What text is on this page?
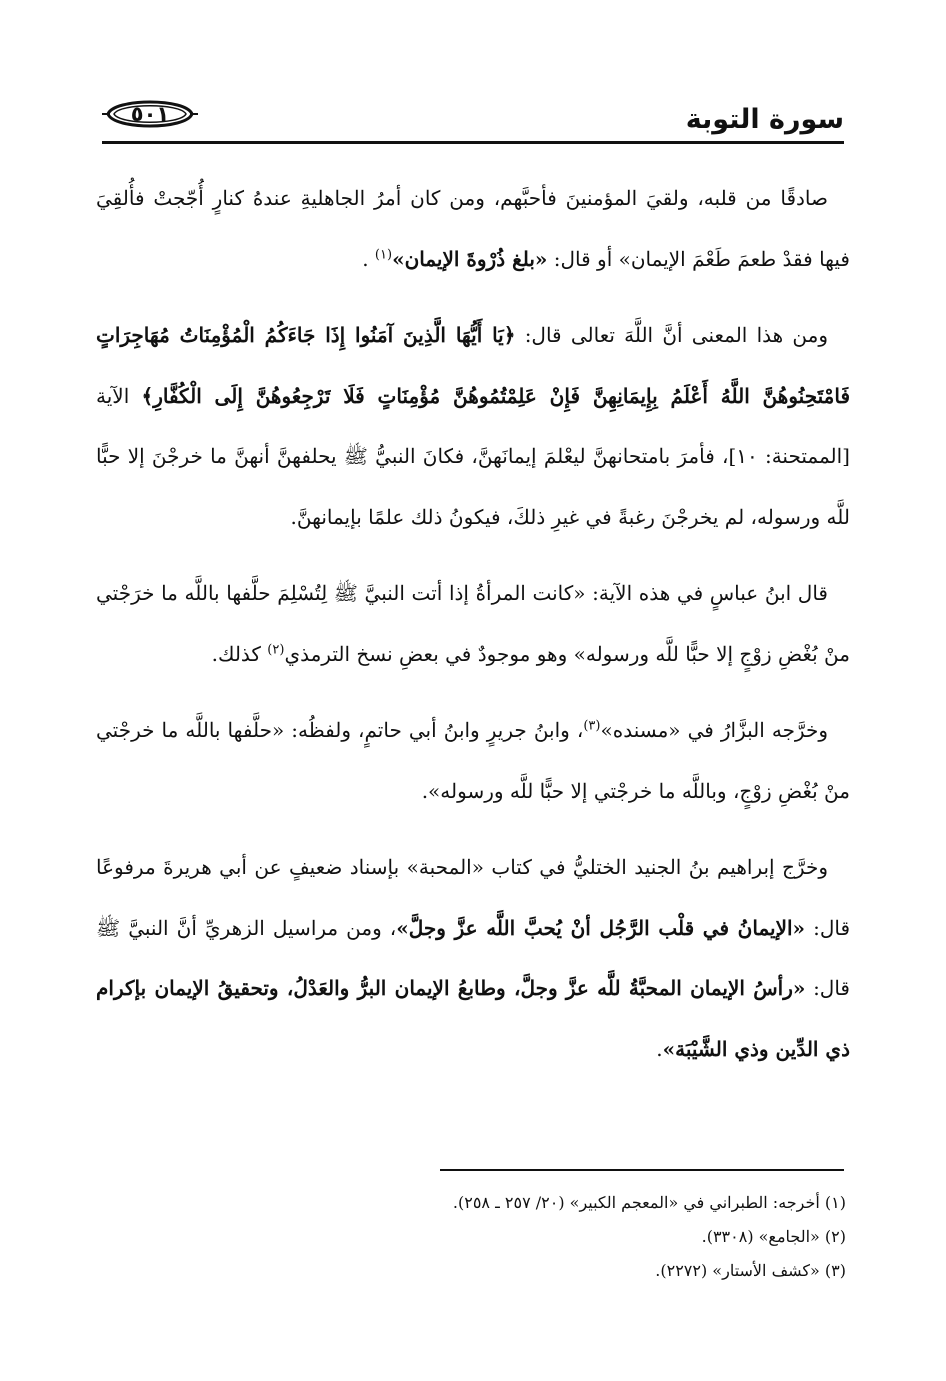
سورة التوبة
٥٠١

صادقًا من قلبه، ولقيَ المؤمنينَ فأحبَّهم، ومن كان أمرُ الجاهليةِ عندهُ كنارٍ أُجّجتْ فأُلقِيَ فيها فقدْ طعمَ طَعْمَ الإيمان» أو قال: «بلغ ذُرْوةَ الإيمان»$^{(١)}$ .

ومن هذا المعنى أنَّ اللَّهَ تعالى قال: ﴿يَا أَيُّهَا الَّذِينَ آمَنُوا إِذَا جَاءَكُمُ الْمُؤْمِنَاتُ مُهَاجِرَاتٍ فَامْتَحِنُوهُنَّ اللَّهُ أَعْلَمُ بِإِيمَانِهِنَّ فَإِنْ عَلِمْتُمُوهُنَّ مُؤْمِنَاتٍ فَلَا تَرْجِعُوهُنَّ إِلَى الْكُفَّارِ﴾ الآية [الممتحنة: ١٠]، فأمرَ بامتحانهنَّ ليعْلمَ إيمانَهنَّ، فكانَ النبيُّ ﷺ يحلفهنَّ أنهنَّ ما خرجْنَ إلا حبًّا للَّه ورسوله، لم يخرجْنَ رغبةً في غيرِ ذلكَ، فيكونُ ذلك علمًا بإيمانهنَّ.

قال ابنُ عباسٍ في هذه الآية: «كانت المرأةُ إذا أتت النبيَّ ﷺ لِتُسْلِمَ حلَّفها باللَّه ما خرَجْتي منْ بُغْضِ زوْجٍ إلا حبًّا للَّه ورسوله» وهو موجودٌ في بعضِ نسخ الترمذي$^{(٢)}$ كذلك.

وخرَّجه البزَّارُ في «مسنده»$^{(٣)}$، وابنُ جريرٍ وابنُ أبي حاتمٍ، ولفظُه: «حلَّفها باللَّه ما خرجْتي منْ بُغْضِ زوْجٍ، وباللَّه ما خرجْتي إلا حبًّا للَّه ورسوله».

وخرَّج إبراهيم بنُ الجنيد الختليُّ في كتاب «المحبة» بإسناد ضعيفٍ عن أبي هريرةَ مرفوعًا قال: «الإيمانُ في قلْب الرَّجُل أنْ يُحبَّ اللَّه عزَّ وجلَّ»، ومن مراسيل الزهريِّ أنَّ النبيَّ ﷺ قال: «رأسُ الإيمان المحبَّةُ للَّه عزَّ وجلَّ، وطابعُ الإيمان البرُّ والعَدْلُ، وتحقيقُ الإيمان بإكرام ذي الدِّين وذي الشَّيْبَة».

(١) أخرجه: الطبراني في «المعجم الكبير» (٢٠/ ٢٥٧ ـ ٢٥٨).
(٢) «الجامع» (٣٣٠٨).
(٣) «كشف الأستار» (٢٢٧٢).
